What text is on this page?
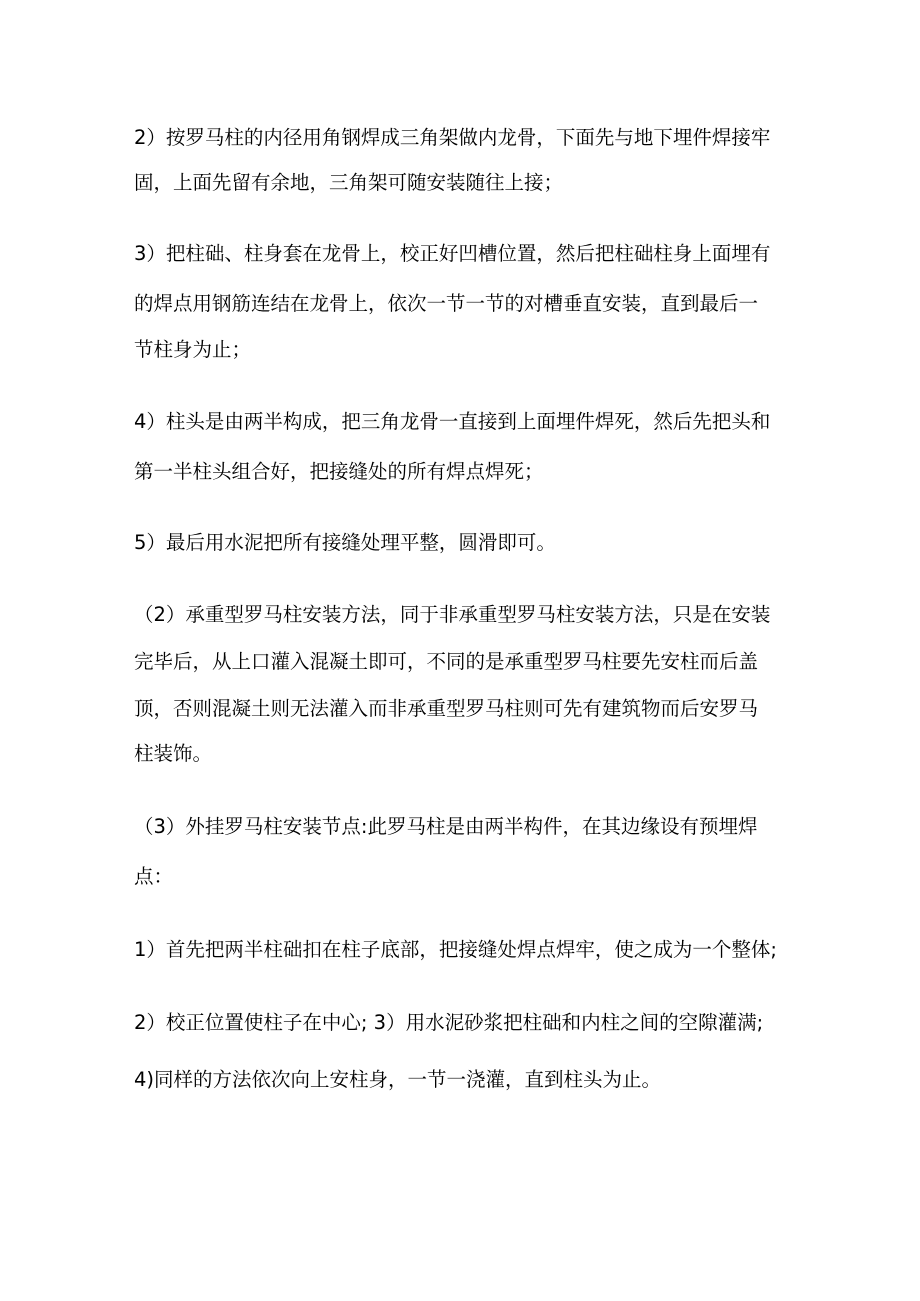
2）按罗马柱的内径用角钢焊成三角架做内龙骨，下面先与地下埋件焊接牢
固，上面先留有余地，三角架可随安装随往上接；
3）把柱础、柱身套在龙骨上，校正好凹槽位置，然后把柱础柱身上面埋有
的焊点用钢筋连结在龙骨上，依次一节一节的对槽垂直安装，直到最后一
节柱身为止；
4）柱头是由两半构成，把三角龙骨一直接到上面埋件焊死，然后先把头和
第一半柱头组合好，把接缝处的所有焊点焊死；
5）最后用水泥把所有接缝处理平整，圆滑即可。
（2）承重型罗马柱安装方法，同于非承重型罗马柱安装方法，只是在安装
完毕后，从上口灌入混凝土即可，不同的是承重型罗马柱要先安柱而后盖
顶，否则混凝土则无法灌入而非承重型罗马柱则可先有建筑物而后安罗马
柱装饰。
（3）外挂罗马柱安装节点:此罗马柱是由两半构件，在其边缘设有预埋焊
点：
1）首先把两半柱础扣在柱子底部，把接缝处焊点焊牢，使之成为一个整体;
2）校正位置使柱子在中心; 3）用水泥砂浆把柱础和内柱之间的空隙灌满;
4)同样的方法依次向上安柱身，一节一浇灌，直到柱头为止。
